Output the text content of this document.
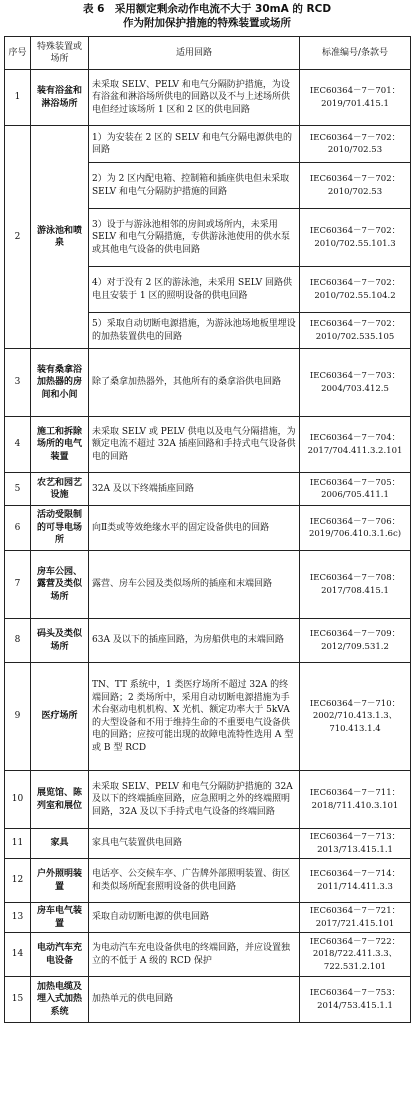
表 6　采用额定剩余动作电流不大于 30mA 的 RCD
作为附加保护措施的特殊装置或场所
序号	特殊装置或场所	适用回路	标准编号/条款号
1	装有浴盆和淋浴场所	未采取 SELV、PELV 和电气分隔防护措施，为设有浴盆和淋浴场所供电的回路以及不与上述场所供电但经过该场所 1 区和 2 区的供电回路	IEC60364－7－701：2019/701.415.1
2	游泳池和喷泉	1）为安装在 2 区的 SELV 和电气分隔电源供电的回路	IEC60364－7－702：2010/702.53
		2）为 2 区内配电箱、控制箱和插座供电但未采取 SELV 和电气分隔防护措施的回路	IEC60364－7－702：2010/702.53
		3）设于与游泳池相邻的房间或场所内，未采用 SELV 和电气分隔措施，专供游泳池使用的供水泵或其他电气设备的供电回路	IEC60364－7－702：2010/702.55.101.3
		4）对于没有 2 区的游泳池，未采用 SELV 回路供电且安装于 1 区的照明设备的供电回路	IEC60364－7－702：2010/702.55.104.2
		5）采取自动切断电源措施，为游泳池场地板里埋设的加热装置供电的回路	IEC60364－7－702：2010/702.535.105
3	装有桑拿浴加热器的房间和小间	除了桑拿加热器外，其他所有的桑拿浴供电回路	IEC60364－7－703：2004/703.412.5
4	施工和拆除场所的电气装置	未采取 SELV 或 PELV 供电以及电气分隔措施，为额定电流不超过 32A 插座回路和手持式电气设备供电的回路	IEC60364－7－704：2017/704.411.3.2.101
5	农艺和园艺设施	32A 及以下终端插座回路	IEC60364－7－705：2006/705.411.1
6	活动受限制的可导电场所	向Ⅱ类或等效绝缘水平的固定设备供电的回路	IEC60364－7－706：2019/706.410.3.1.6c)
7	房车公园、露营及类似场所	露营、房车公园及类似场所的插座和末端回路	IEC60364－7－708：2017/708.415.1
8	码头及类似场所	63A 及以下的插座回路，为房船供电的末端回路	IEC60364－7－709：2012/709.531.2
9	医疗场所	TN、TT 系统中，1 类医疗场所不超过 32A 的终端回路；2 类场所中，采用自动切断电源措施为手术台驱动电机机构、X 光机、额定功率大于 5kVA 的大型设备和不用于维持生命的不重要电气设备供电的回路；应按可能出现的故障电流特性选用 A 型或 B 型 RCD	IEC60364－7－710：2002/710.413.1.3、710.413.1.4
10	展览馆、陈列室和展位	未采取 SELV、PELV 和电气分隔防护措施的 32A 及以下的终端插座回路，应急照明之外的终端照明回路，32A 及以下手持式电气设备的终端回路	IEC60364－7－711：2018/711.410.3.101
11	家具	家具电气装置供电回路	IEC60364－7－713：2013/713.415.1.1
12	户外照明装置	电话亭、公交候车亭、广告牌外部照明装置、街区和类似场所配套照明设备的供电回路	IEC60364－7－714：2011/714.411.3.3
13	房车电气装置	采取自动切断电源的供电回路	IEC60364－7－721：2017/721.415.101
14	电动汽车充电设备	为电动汽车充电设备供电的终端回路，并应设置独立的不低于 A 级的 RCD 保护	IEC60364－7－722：2018/722.411.3.3、722.531.2.101
15	加热电缆及埋入式加热系统	加热单元的供电回路	IEC60364－7－753：2014/753.415.1.1
